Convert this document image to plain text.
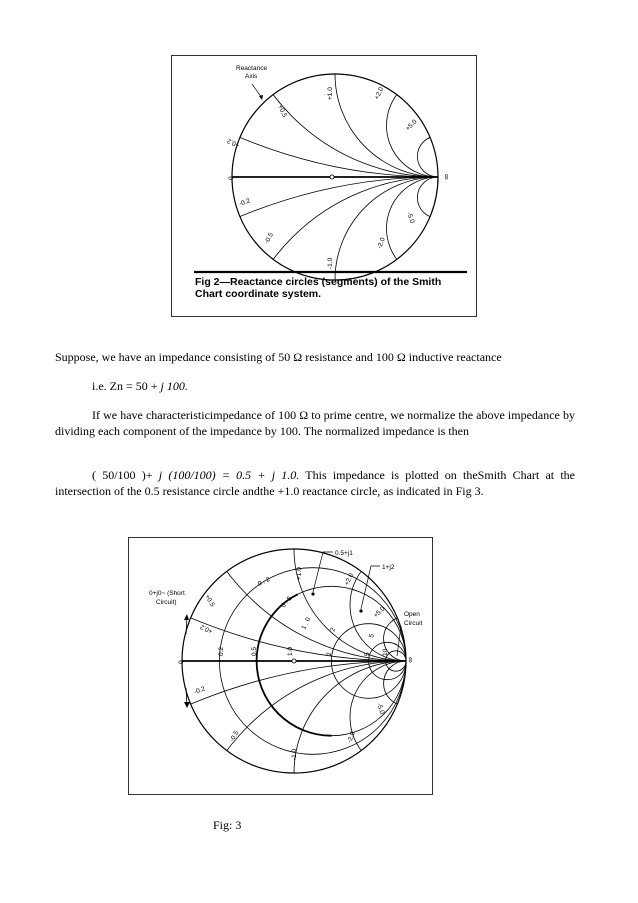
Reactance
Axis
0	∞
+0.5
+1.0	+2.0
+5.0
+0.2
-0.2
-0.5
-1.0
-2.0
-5.0

Fig 2—Reactance circles (segments) of the Smith Chart coordinate system.

Suppose, we have an impedance consisting of 50 Ω resistance and 100 Ω inductive reactance

i.e. Zn = 50 + j 100.

If we have characteristicimpedance of 100 Ω to prime centre, we normalize the above impedance by dividing each component of the impedance by 100. The normalized impedance is then

( 50/100 )+ j (100/100) = 0.5 + j 1.0. This impedance is plotted on theSmith Chart at the intersection of the 0.5 resistance circle andthe +1.0 reactance circle, as indicated in Fig 3.

0.5+j1
1+j2
0+j0~ (Short
Circuit)
Open
Circuit
0	∞
0.2	0.5	1.0	2	5 10
+0.5
+1.0	+2.0
+5.0
+0.2
-0.2
-0.5
-1.0
-2.0
-5.0
0 . 2
0 . 5
1 . 0	2
5

Fig: 3
